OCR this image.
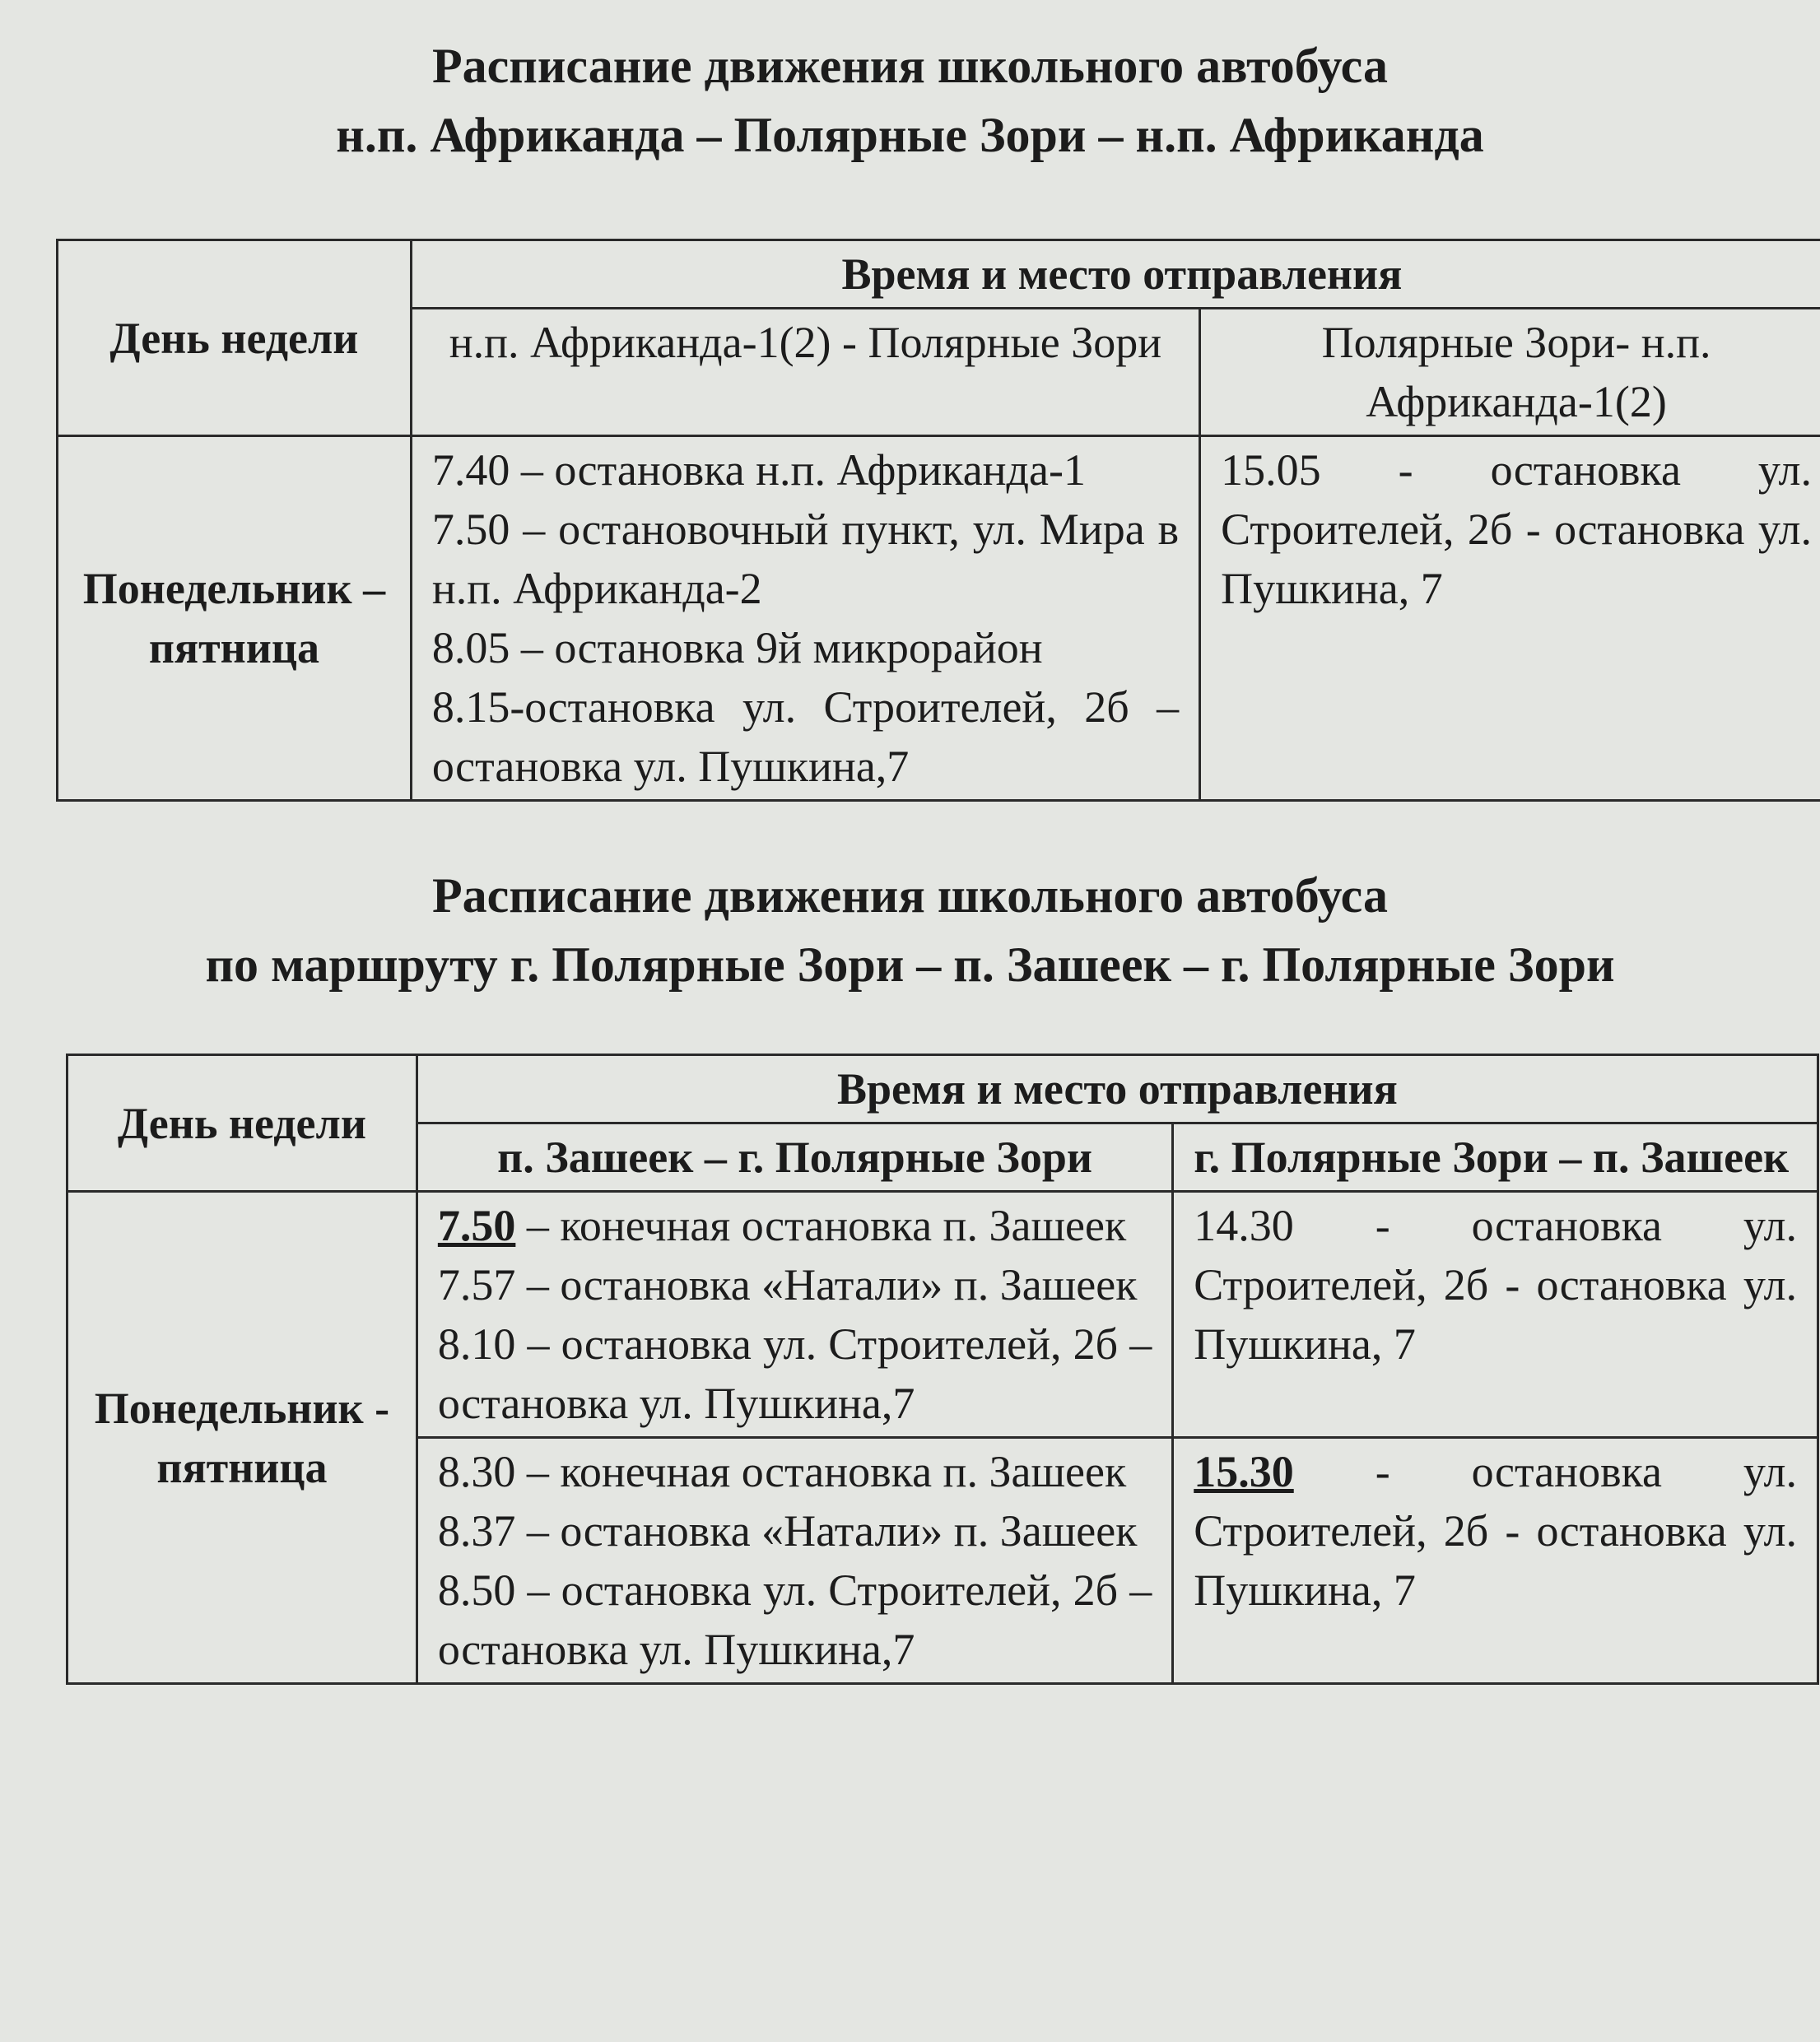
Расписание движения школьного автобуса
н.п. Африканда – Полярные Зори – н.п. Африканда
День недели	Время и место отправления	
	н.п. Африканда-1(2) - Полярные Зори	Полярные Зори- н.п. Африканда-1(2)
Понедельник – пятница	7.40 – остановка н.п. Африканда-1
7.50 – остановочный пункт, ул. Мира в н.п. Африканда-2
8.05 – остановка 9й микрорайон
8.15-остановка ул. Строителей, 2б – остановка ул. Пушкина,7	15.05 - остановка ул. Строителей, 2б - остановка ул. Пушкина, 7
Расписание движения школьного автобуса
по маршруту г. Полярные Зори – п. Зашеек – г. Полярные Зори
День недели	Время и место отправления	
	п. Зашеек – г. Полярные Зори	г. Полярные Зори – п. Зашеек
Понедельник - пятница	7.50 – конечная остановка п. Зашеек
7.57 – остановка «Натали» п. Зашеек
8.10 – остановка ул. Строителей, 2б – остановка ул. Пушкина,7	14.30 - остановка ул. Строителей, 2б - остановка ул. Пушкина, 7

	8.30 – конечная остановка п. Зашеек
8.37 – остановка «Натали» п. Зашеек
8.50 – остановка ул. Строителей, 2б – остановка ул. Пушкина,7	15.30 - остановка ул. Строителей, 2б - остановка ул. Пушкина, 7
